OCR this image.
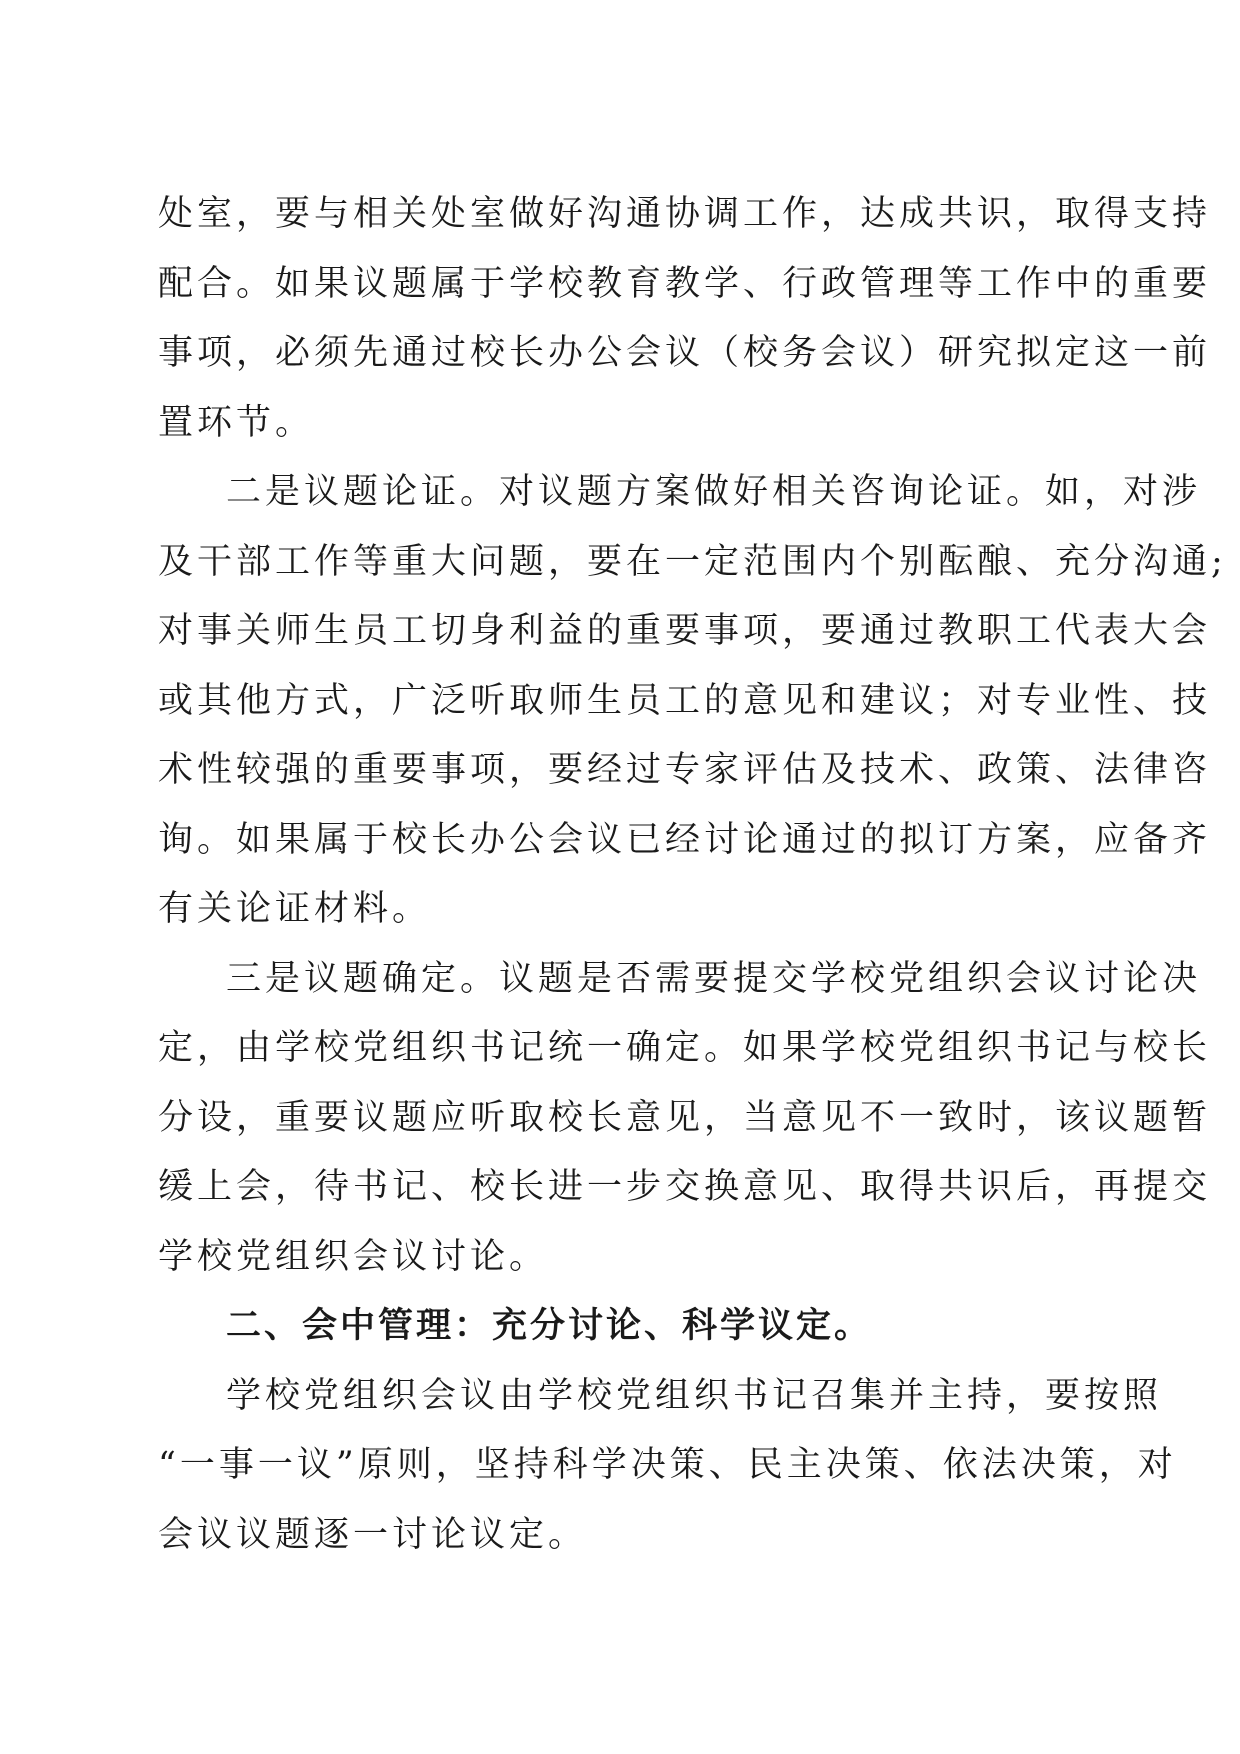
处室，要与相关处室做好沟通协调工作，达成共识，取得支持
配合。如果议题属于学校教育教学、行政管理等工作中的重要
事项，必须先通过校长办公会议（校务会议）研究拟定这一前
置环节。
二是议题论证。对议题方案做好相关咨询论证。如，对涉
及干部工作等重大问题，要在一定范围内个别酝酿、充分沟通;
对事关师生员工切身利益的重要事项，要通过教职工代表大会
或其他方式，广泛听取师生员工的意见和建议；对专业性、技
术性较强的重要事项，要经过专家评估及技术、政策、法律咨
询。如果属于校长办公会议已经讨论通过的拟订方案，应备齐
有关论证材料。
三是议题确定。议题是否需要提交学校党组织会议讨论决
定，由学校党组织书记统一确定。如果学校党组织书记与校长
分设，重要议题应听取校长意见，当意见不一致时，该议题暂
缓上会，待书记、校长进一步交换意见、取得共识后，再提交
学校党组织会议讨论。
二、会中管理：充分讨论、科学议定。
学校党组织会议由学校党组织书记召集并主持，要按照
“一事一议”原则，坚持科学决策、民主决策、依法决策，对
会议议题逐一讨论议定。
